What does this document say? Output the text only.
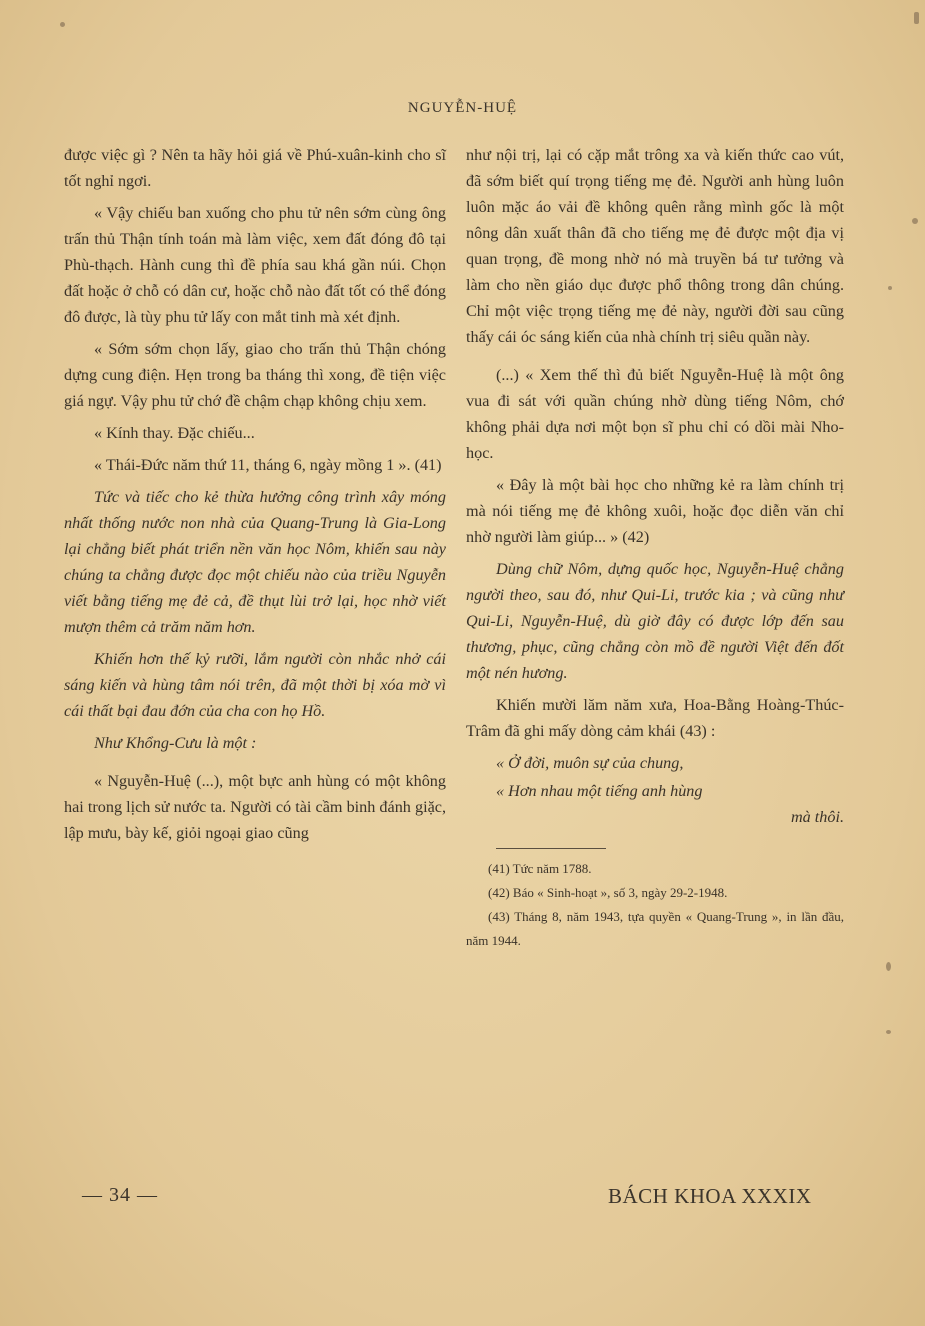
NGUYỄN-HUỆ

được việc gì ? Nên ta hãy hỏi giá về Phú-xuân-kinh cho sĩ tốt nghỉ ngơi.

« Vậy chiếu ban xuống cho phu tử nên sớm cùng ông trấn thủ Thận tính toán mà làm việc, xem đất đóng đô tại Phù-thạch. Hành cung thì đề phía sau khá gần núi. Chọn đất hoặc ở chỗ có dân cư, hoặc chỗ nào đất tốt có thể đóng đô được, là tùy phu tử lấy con mắt tinh mà xét định.

« Sớm sớm chọn lấy, giao cho trấn thủ Thận chóng dựng cung điện. Hẹn trong ba tháng thì xong, đề tiện việc giá ngự. Vậy phu tử chớ đề chậm chạp không chịu xem.

« Kính thay. Đặc chiếu...

« Thái-Đức năm thứ 11, tháng 6, ngày mồng 1 ». (41)

Tức và tiếc cho kẻ thừa hưởng công trình xây móng nhất thống nước non nhà của Quang-Trung là Gia-Long lại chẳng biết phát triển nền văn học Nôm, khiến sau này chúng ta chẳng được đọc một chiếu nào của triều Nguyễn viết bằng tiếng mẹ đẻ cả, đề thụt lùi trở lại, học nhờ viết mượn thêm cả trăm năm hơn.

Khiến hơn thế kỷ rưỡi, lắm người còn nhắc nhở cái sáng kiến và hùng tâm nói trên, đã một thời bị xóa mờ vì cái thất bại đau đớn của cha con họ Hồ.

Như Khổng-Cưu là một :

« Nguyễn-Huệ (...), một bực anh hùng có một không hai trong lịch sử nước ta. Người có tài cầm binh đánh giặc, lập mưu, bày kế, giỏi ngoại giao cũng

như nội trị, lại có cặp mắt trông xa và kiến thức cao vút, đã sớm biết quí trọng tiếng mẹ đẻ. Người anh hùng luôn luôn mặc áo vải đề không quên rằng mình gốc là một nông dân xuất thân đã cho tiếng mẹ đẻ được một địa vị quan trọng, đề mong nhờ nó mà truyền bá tư tưởng và làm cho nền giáo dục được phổ thông trong dân chúng. Chỉ một việc trọng tiếng mẹ đẻ này, người đời sau cũng thấy cái óc sáng kiến của nhà chính trị siêu quần này.

(...) « Xem thế thì đủ biết Nguyễn-Huệ là một ông vua đi sát với quần chúng nhờ dùng tiếng Nôm, chớ không phải dựa nơi một bọn sĩ phu chỉ có dồi mài Nho-học.

« Đây là một bài học cho những kẻ ra làm chính trị mà nói tiếng mẹ đẻ không xuôi, hoặc đọc diễn văn chỉ nhờ người làm giúp... » (42)

Dùng chữ Nôm, dựng quốc học, Nguyễn-Huệ chẳng người theo, sau đó, như Qui-Li, trước kia ; và cũng như Qui-Li, Nguyễn-Huệ, dù giờ đây có được lớp đến sau thương, phục, cũng chẳng còn mồ đề người Việt đến đốt một nén hương.

Khiến mười lăm năm xưa, Hoa-Bằng Hoàng-Thúc-Trâm đã ghi mấy dòng cảm khái (43) :

« Ở đời, muôn sự của chung,

« Hơn nhau một tiếng anh hùng

mà thôi.

(41) Tức năm 1788.

(42) Báo « Sinh-hoạt », số 3, ngày 29-2-1948.

(43) Tháng 8, năm 1943, tựa quyền « Quang-Trung », in lần đầu, năm 1944.

— 34 —	BÁCH KHOA XXXIX
